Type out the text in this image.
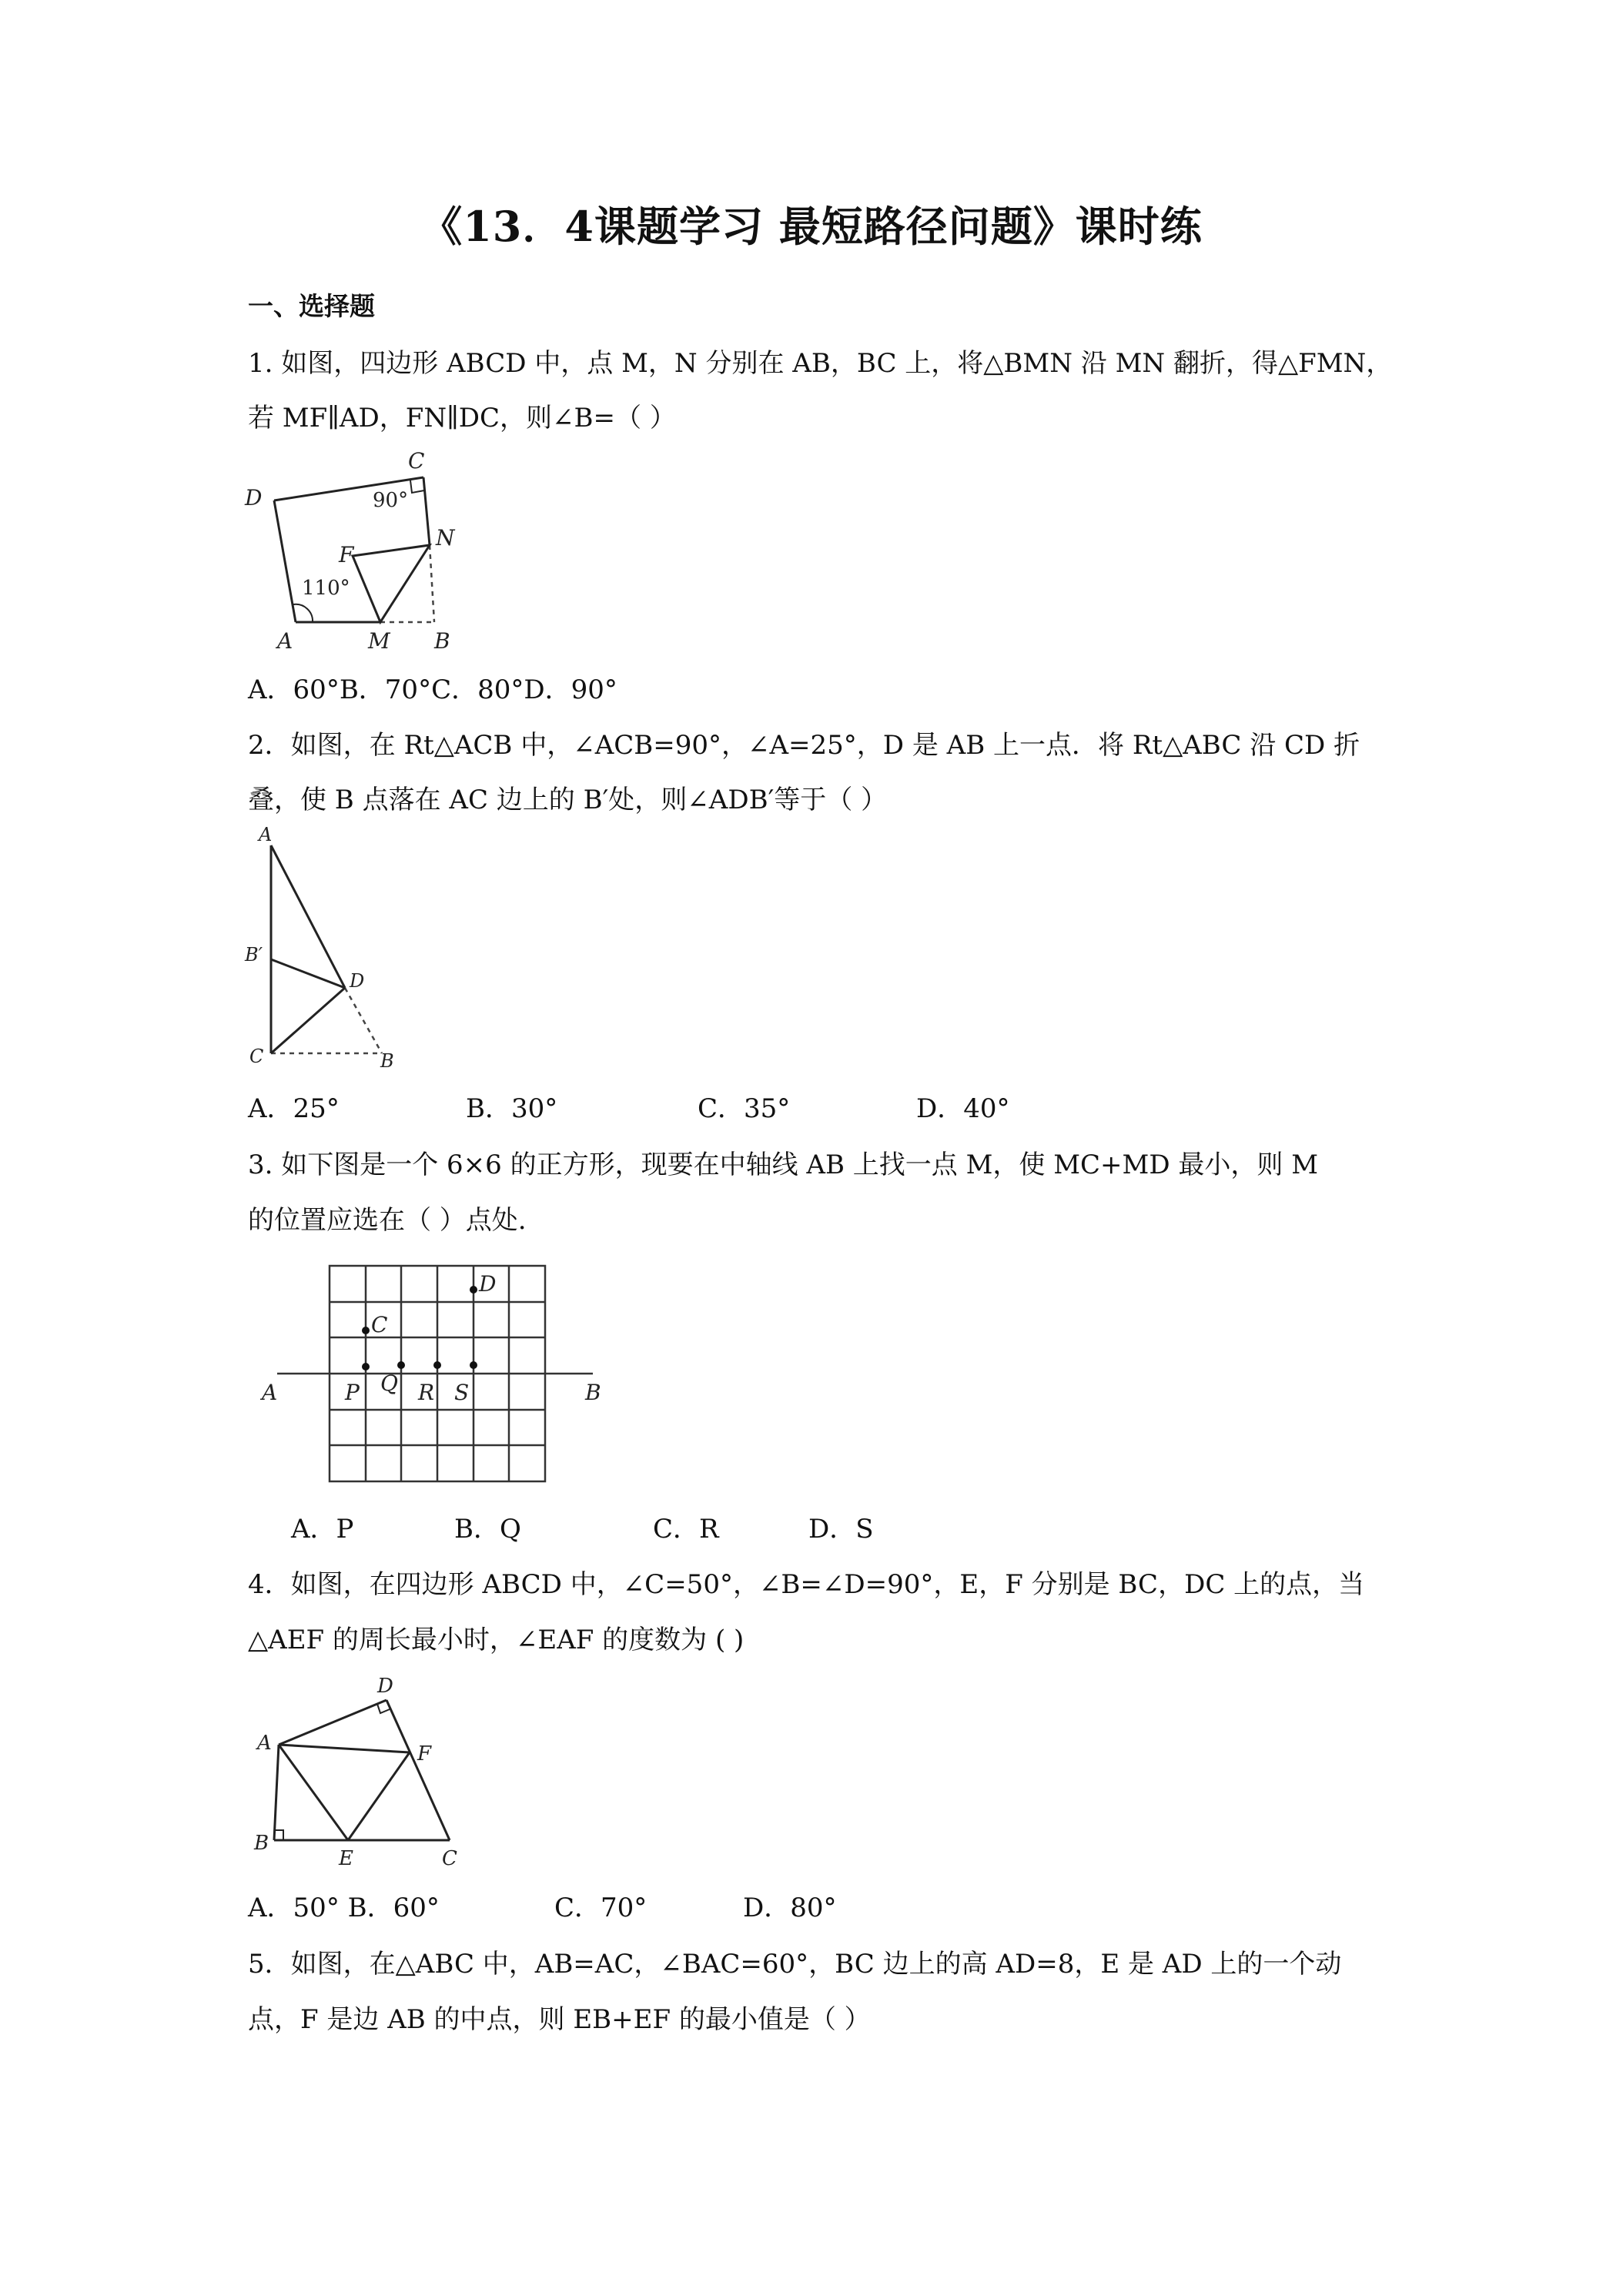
《13．4课题学习 最短路径问题》课时练
一、选择题
1. 如图，四边形 ABCD 中，点 M，N 分别在 AB，BC 上，将△BMN 沿 MN 翻折，得△FMN，
若 MF∥AD，FN∥DC，则∠B=（ ）
D
C
90°
F
N
110°
A	M B
A．60°B．70°C．80°D．90°
2．如图，在 Rt△ACB 中，∠ACB=90°，∠A=25°，D 是 AB 上一点．将 Rt△ABC 沿 CD 折
叠，使 B 点落在 AC 边上的 B′处，则∠ADB′等于（ ）
A
B′
D
C	B
A．25°	B．30°	C．35°	D．40°
3. 如下图是一个 6×6 的正方形，现要在中轴线 AB 上找一点 M，使 MC+MD 最小，则 M
的位置应选在（ ）点处.
A	B
C
D
P Q R S
A．P	B．Q	C．R	D．S
4．如图，在四边形 ABCD 中，∠C=50°，∠B=∠D=90°，E，F 分别是 BC，DC 上的点，当
△AEF 的周长最小时，∠EAF 的度数为 ( )
D
A	F
B
E	C
A．50° B．60°	C．70°	D．80°
5．如图，在△ABC 中，AB=AC，∠BAC=60°，BC 边上的高 AD=8，E 是 AD 上的一个动
点，F 是边 AB 的中点，则 EB+EF 的最小值是（ ）
